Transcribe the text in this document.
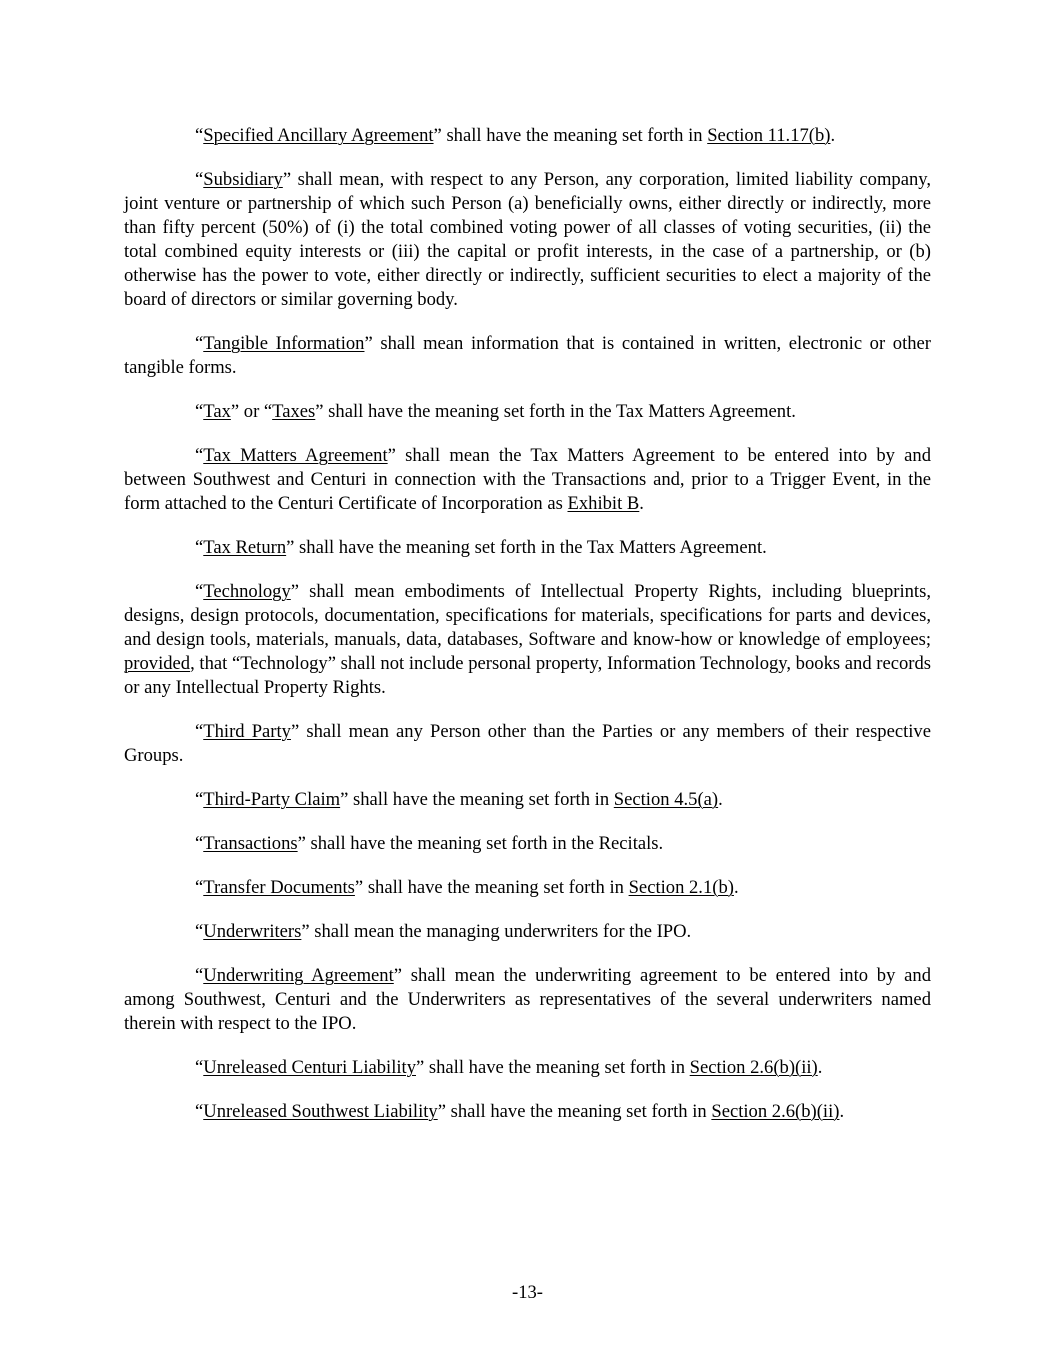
“Specified Ancillary Agreement” shall have the meaning set forth in Section 11.17(b).

“Subsidiary” shall mean, with respect to any Person, any corporation, limited liability company, joint venture or partnership of which such Person (a) beneficially owns, either directly or indirectly, more than fifty percent (50%) of (i) the total combined voting power of all classes of voting securities, (ii) the total combined equity interests or (iii) the capital or profit interests, in the case of a partnership, or (b) otherwise has the power to vote, either directly or indirectly, sufficient securities to elect a majority of the board of directors or similar governing body.

“Tangible Information” shall mean information that is contained in written, electronic or other tangible forms.

“Tax” or “Taxes” shall have the meaning set forth in the Tax Matters Agreement.

“Tax Matters Agreement” shall mean the Tax Matters Agreement to be entered into by and between Southwest and Centuri in connection with the Transactions and, prior to a Trigger Event, in the form attached to the Centuri Certificate of Incorporation as Exhibit B.

“Tax Return” shall have the meaning set forth in the Tax Matters Agreement.

“Technology” shall mean embodiments of Intellectual Property Rights, including blueprints, designs, design protocols, documentation, specifications for materials, specifications for parts and devices, and design tools, materials, manuals, data, databases, Software and know-how or knowledge of employees; provided, that “Technology” shall not include personal property, Information Technology, books and records or any Intellectual Property Rights.

“Third Party” shall mean any Person other than the Parties or any members of their respective Groups.

“Third-Party Claim” shall have the meaning set forth in Section 4.5(a).

“Transactions” shall have the meaning set forth in the Recitals.

“Transfer Documents” shall have the meaning set forth in Section 2.1(b).

“Underwriters” shall mean the managing underwriters for the IPO.

“Underwriting Agreement” shall mean the underwriting agreement to be entered into by and among Southwest, Centuri and the Underwriters as representatives of the several underwriters named therein with respect to the IPO.

“Unreleased Centuri Liability” shall have the meaning set forth in Section 2.6(b)(ii).

“Unreleased Southwest Liability” shall have the meaning set forth in Section 2.6(b)(ii).

-13-
